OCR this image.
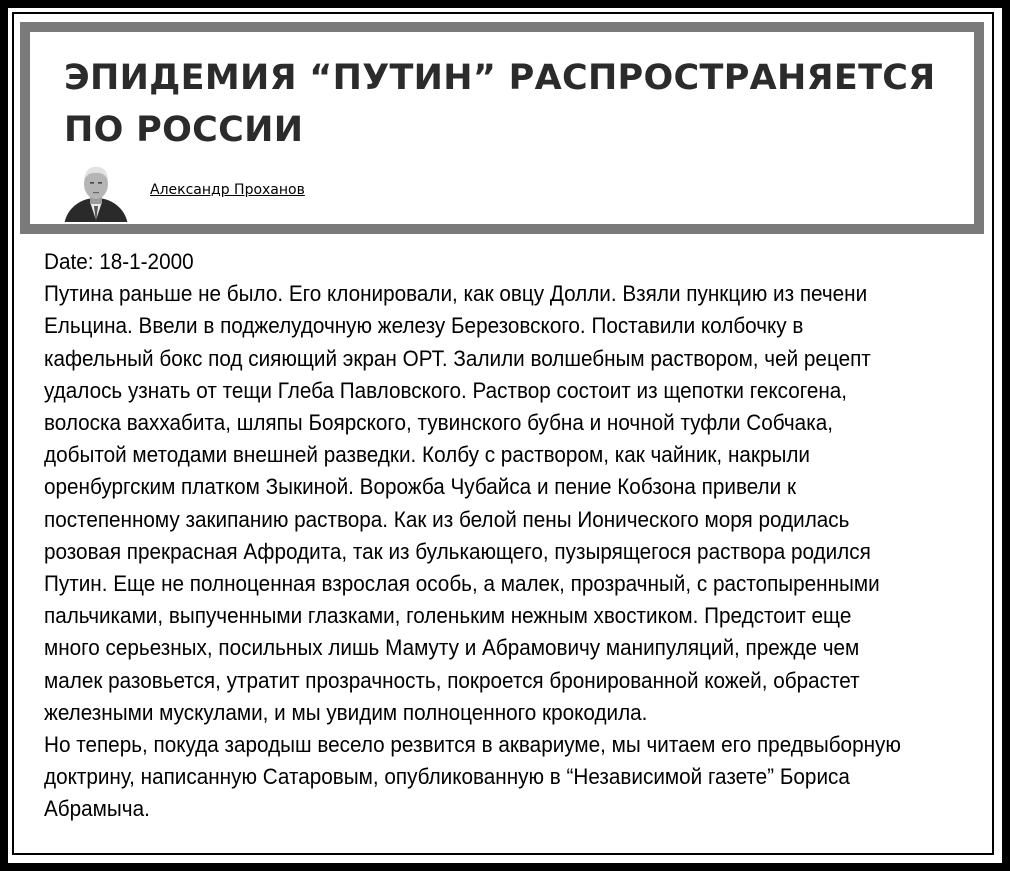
ЭПИДЕМИЯ “ПУТИН” РАСПРОСТРАНЯЕТСЯ ПО РОССИИ
Александр Проханов

Date: 18-1-2000

Путина раньше не было. Его клонировали, как овцу Долли. Взяли пункцию из печени Ельцина. Ввели в поджелудочную железу Березовского. Поставили колбочку в кафельный бокс под сияющий экран ОРТ. Залили волшебным раствором, чей рецепт удалось узнать от тещи Глеба Павловского. Раствор состоит из щепотки гексогена, волоска ваххабита, шляпы Боярского, тувинского бубна и ночной туфли Собчака, добытой методами внешней разведки. Колбу с раствором, как чайник, накрыли оренбургским платком Зыкиной. Ворожба Чубайса и пение Кобзона привели к постепенному закипанию раствора. Как из белой пены Ионического моря родилась розовая прекрасная Афродита, так из булькающего, пузырящегося раствора родился Путин. Еще не полноценная взрослая особь, а малек, прозрачный, с растопыренными пальчиками, выпученными глазками, голеньким нежным хвостиком. Предстоит еще много серьезных, посильных лишь Мамуту и Абрамовичу манипуляций, прежде чем малек разовьется, утратит прозрачность, покроется бронированной кожей, обрастет железными мускулами, и мы увидим полноценного крокодила.

Но теперь, покуда зародыш весело резвится в аквариуме, мы читаем его предвыборную доктрину, написанную Сатаровым, опубликованную в “Независимой газете” Бориса Абрамыча.
